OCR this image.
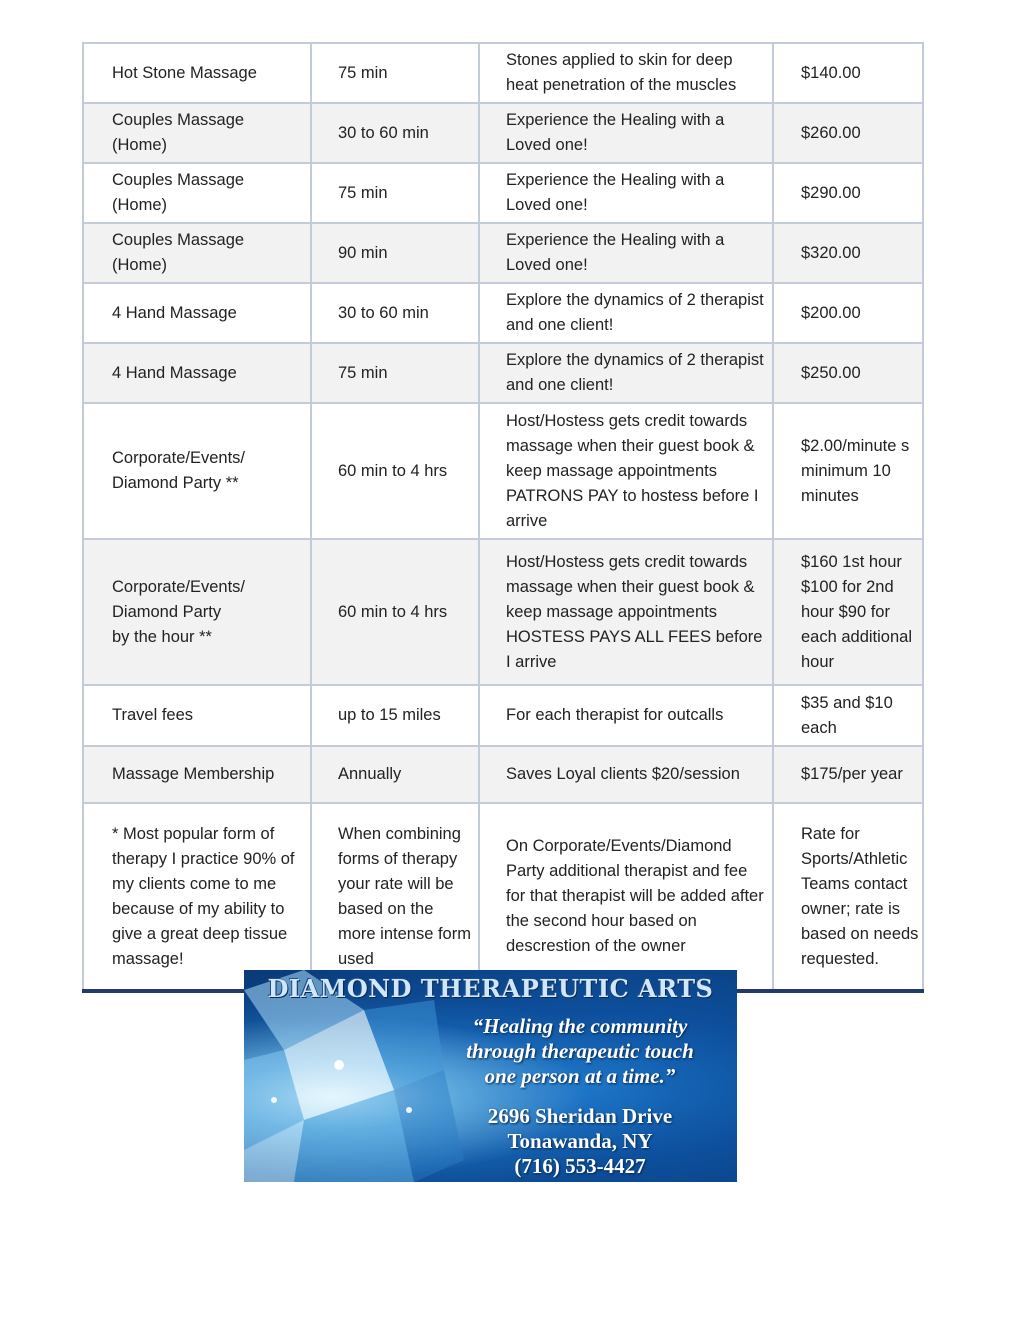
Hot Stone Massage	75 min	Stones applied to skin for deep heat penetration of the muscles	$140.00
Couples Massage
(Home)	30 to 60 min	Experience the Healing with a Loved one!	$260.00
Couples Massage
(Home)	75 min	Experience the Healing with a Loved one!	$290.00
Couples Massage
(Home)	90 min	Experience the Healing with a Loved one!	$320.00
4 Hand Massage	30 to 60 min	Explore the dynamics of 2 therapist and one client!	$200.00
4 Hand Massage	75 min	Explore the dynamics of 2 therapist and one client!	$250.00
Corporate/Events/
Diamond Party **	60 min to 4 hrs	Host/Hostess gets credit towards massage when their guest book & keep massage appointments PATRONS PAY to hostess before I arrive	$2.00/minute s minimum 10 minutes
Corporate/Events/
Diamond Party
by the hour **	60 min to 4 hrs	Host/Hostess gets credit towards massage when their guest book & keep massage appointments HOSTESS PAYS ALL FEES before I arrive	$160 1st hour $100 for 2nd hour $90 for each additional hour
Travel fees	up to 15 miles	For each therapist for outcalls	$35 and $10 each

Massage Membership	Annually	Saves Loyal clients $20/session	$175/per year
* Most popular form of therapy I practice 90% of my clients come to me because of my ability to give a great deep tissue massage!	When combining forms of therapy your rate will be based on the more intense form used	On Corporate/Events/Diamond Party additional therapist and fee for that therapist will be added after the second hour based on descrestion of the owner	Rate for Sports/Athletic Teams contact owner; rate is based on needs requested.
DIAMOND THERAPEUTIC ARTS
“Healing the community
through therapeutic touch
one person at a time.”
2696 Sheridan Drive
Tonawanda, NY
(716) 553-4427
